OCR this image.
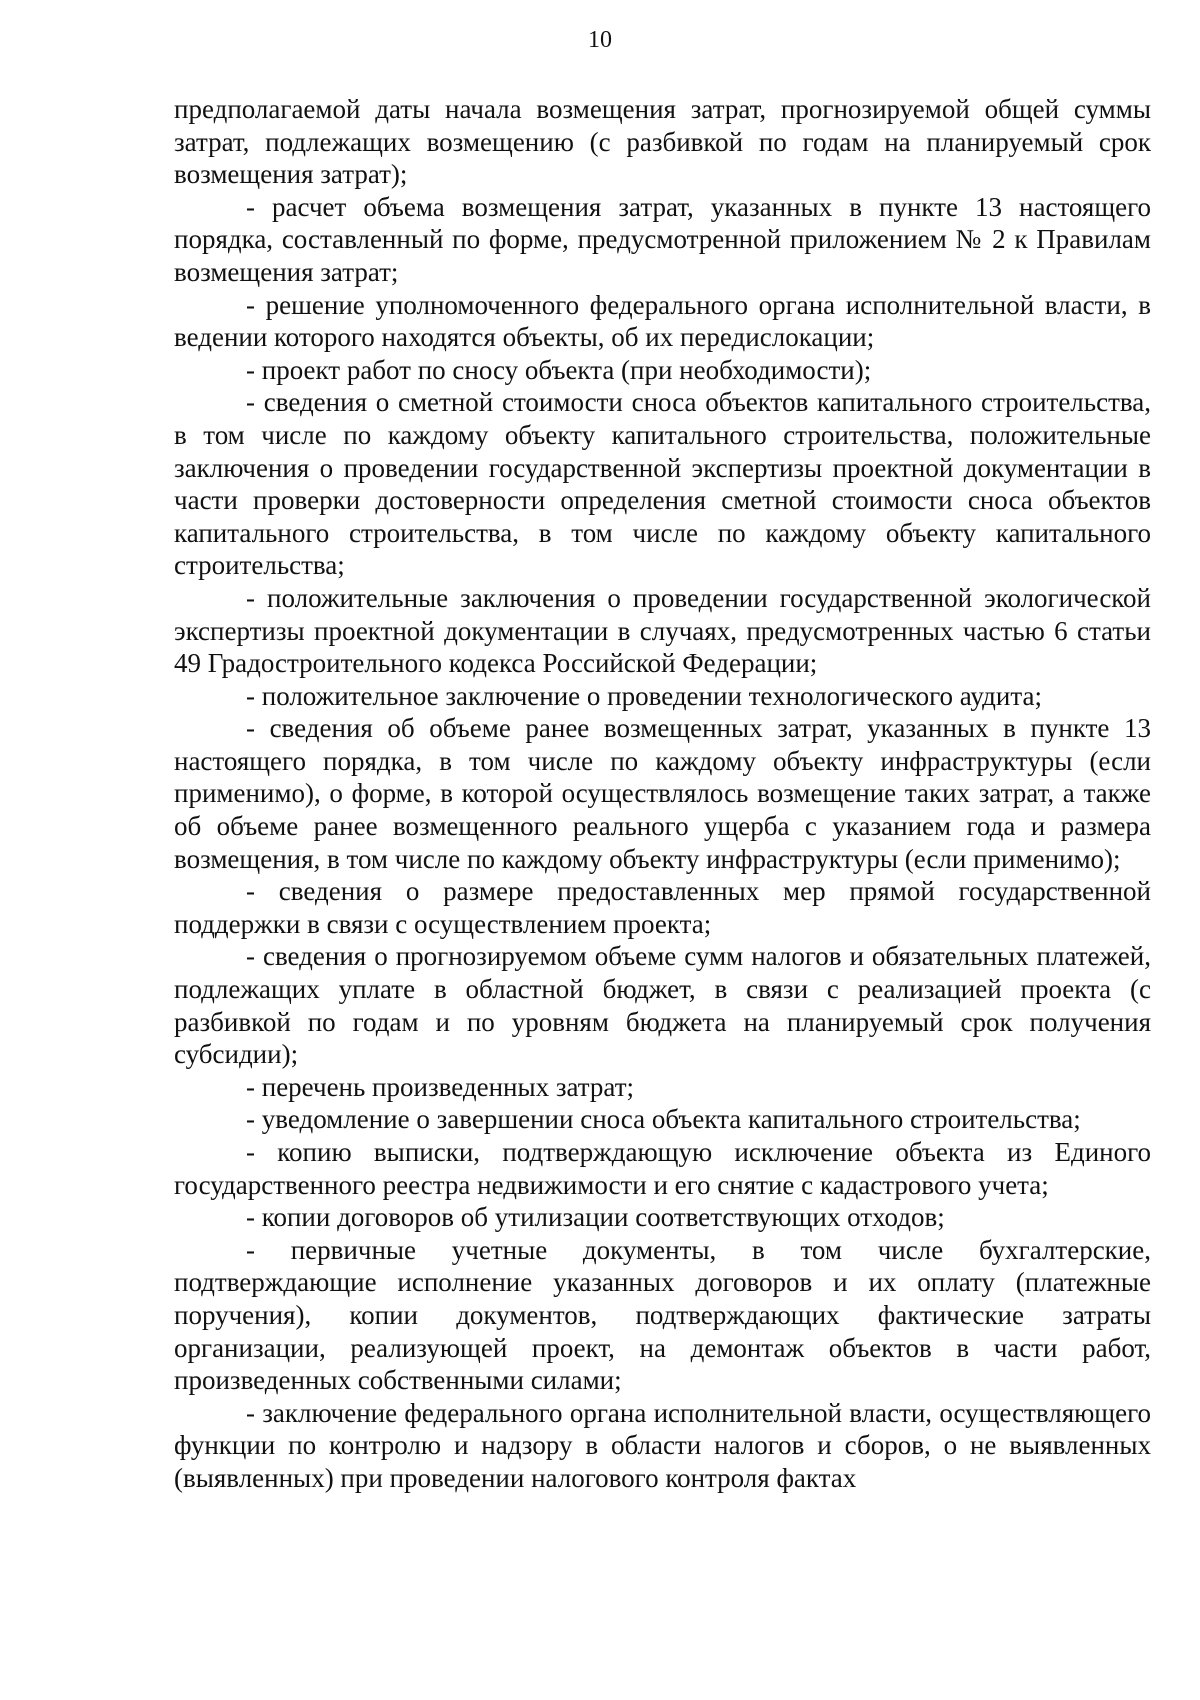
10

предполагаемой даты начала возмещения затрат, прогнозируемой общей суммы затрат, подлежащих возмещению (с разбивкой по годам на планируемый срок возмещения затрат);

- расчет объема возмещения затрат, указанных в пункте 13 настоящего порядка, составленный по форме, предусмотренной приложением № 2 к Правилам возмещения затрат;

- решение уполномоченного федерального органа исполнительной власти, в ведении которого находятся объекты, об их передислокации;

- проект работ по сносу объекта (при необходимости);

- сведения о сметной стоимости сноса объектов капитального строительства, в том числе по каждому объекту капитального строительства, положительные заключения о проведении государственной экспертизы проектной документации в части проверки достоверности определения сметной стоимости сноса объектов капитального строительства, в том числе по каждому объекту капитального строительства;

- положительные заключения о проведении государственной экологической экспертизы проектной документации в случаях, предусмотренных частью 6 статьи 49 Градостроительного кодекса Российской Федерации;

- положительное заключение о проведении технологического аудита;

- сведения об объеме ранее возмещенных затрат, указанных в пункте 13 настоящего порядка, в том числе по каждому объекту инфраструктуры (если применимо), о форме, в которой осуществлялось возмещение таких затрат, а также об объеме ранее возмещенного реального ущерба с указанием года и размера возмещения, в том числе по каждому объекту инфраструктуры (если применимо);

- сведения о размере предоставленных мер прямой государственной поддержки в связи с осуществлением проекта;

- сведения о прогнозируемом объеме сумм налогов и обязательных платежей, подлежащих уплате в областной бюджет, в связи с реализацией проекта (с разбивкой по годам и по уровням бюджета на планируемый срок получения субсидии);

- перечень произведенных затрат;

- уведомление о завершении сноса объекта капитального строительства;

- копию выписки, подтверждающую исключение объекта из Единого государственного реестра недвижимости и его снятие с кадастрового учета;

- копии договоров об утилизации соответствующих отходов;

- первичные учетные документы, в том числе бухгалтерские, подтверждающие исполнение указанных договоров и их оплату (платежные поручения), копии документов, подтверждающих фактические затраты организации, реализующей проект, на демонтаж объектов в части работ, произведенных собственными силами;

- заключение федерального органа исполнительной власти, осуществляющего функции по контролю и надзору в области налогов и сборов, о не выявленных (выявленных) при проведении налогового контроля фактах
